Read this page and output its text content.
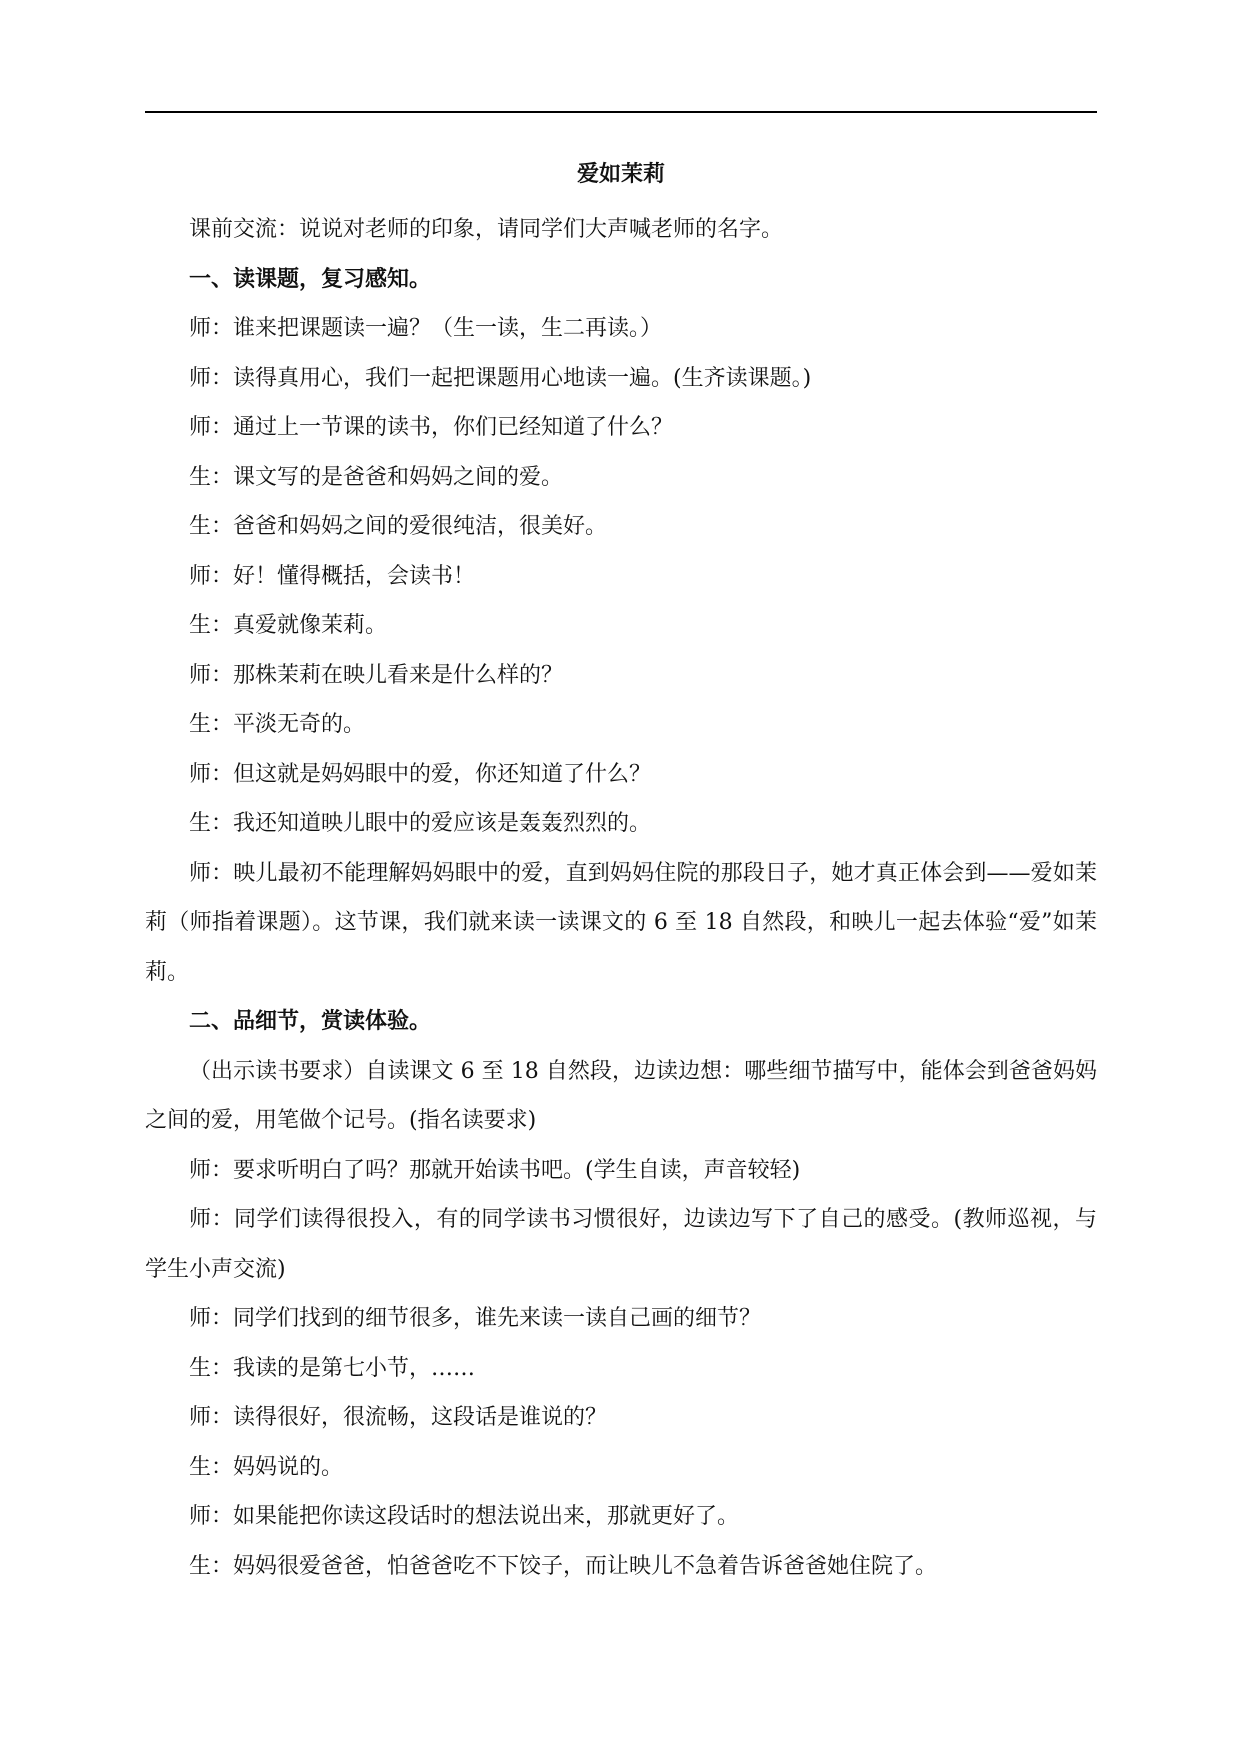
爱如茉莉

课前交流：说说对老师的印象，请同学们大声喊老师的名字。

一、读课题，复习感知。

师：谁来把课题读一遍？（生一读，生二再读。）

师：读得真用心，我们一起把课题用心地读一遍。(生齐读课题。)

师：通过上一节课的读书，你们已经知道了什么？

生：课文写的是爸爸和妈妈之间的爱。

生：爸爸和妈妈之间的爱很纯洁，很美好。

师：好！懂得概括，会读书！

生：真爱就像茉莉。

师：那株茉莉在映儿看来是什么样的？

生：平淡无奇的。

师：但这就是妈妈眼中的爱，你还知道了什么？

生：我还知道映儿眼中的爱应该是轰轰烈烈的。

师：映儿最初不能理解妈妈眼中的爱，直到妈妈住院的那段日子，她才真正体会到——爱如茉莉（师指着课题）。这节课，我们就来读一读课文的 6 至 18 自然段，和映儿一起去体验“爱”如茉莉。

二、品细节，赏读体验。

（出示读书要求）自读课文 6 至 18 自然段，边读边想：哪些细节描写中，能体会到爸爸妈妈之间的爱，用笔做个记号。(指名读要求)

师：要求听明白了吗？那就开始读书吧。(学生自读，声音较轻)

师：同学们读得很投入，有的同学读书习惯很好，边读边写下了自己的感受。(教师巡视，与学生小声交流)

师：同学们找到的细节很多，谁先来读一读自己画的细节？

生：我读的是第七小节，……

师：读得很好，很流畅，这段话是谁说的？

生：妈妈说的。

师：如果能把你读这段话时的想法说出来，那就更好了。

生：妈妈很爱爸爸，怕爸爸吃不下饺子，而让映儿不急着告诉爸爸她住院了。
